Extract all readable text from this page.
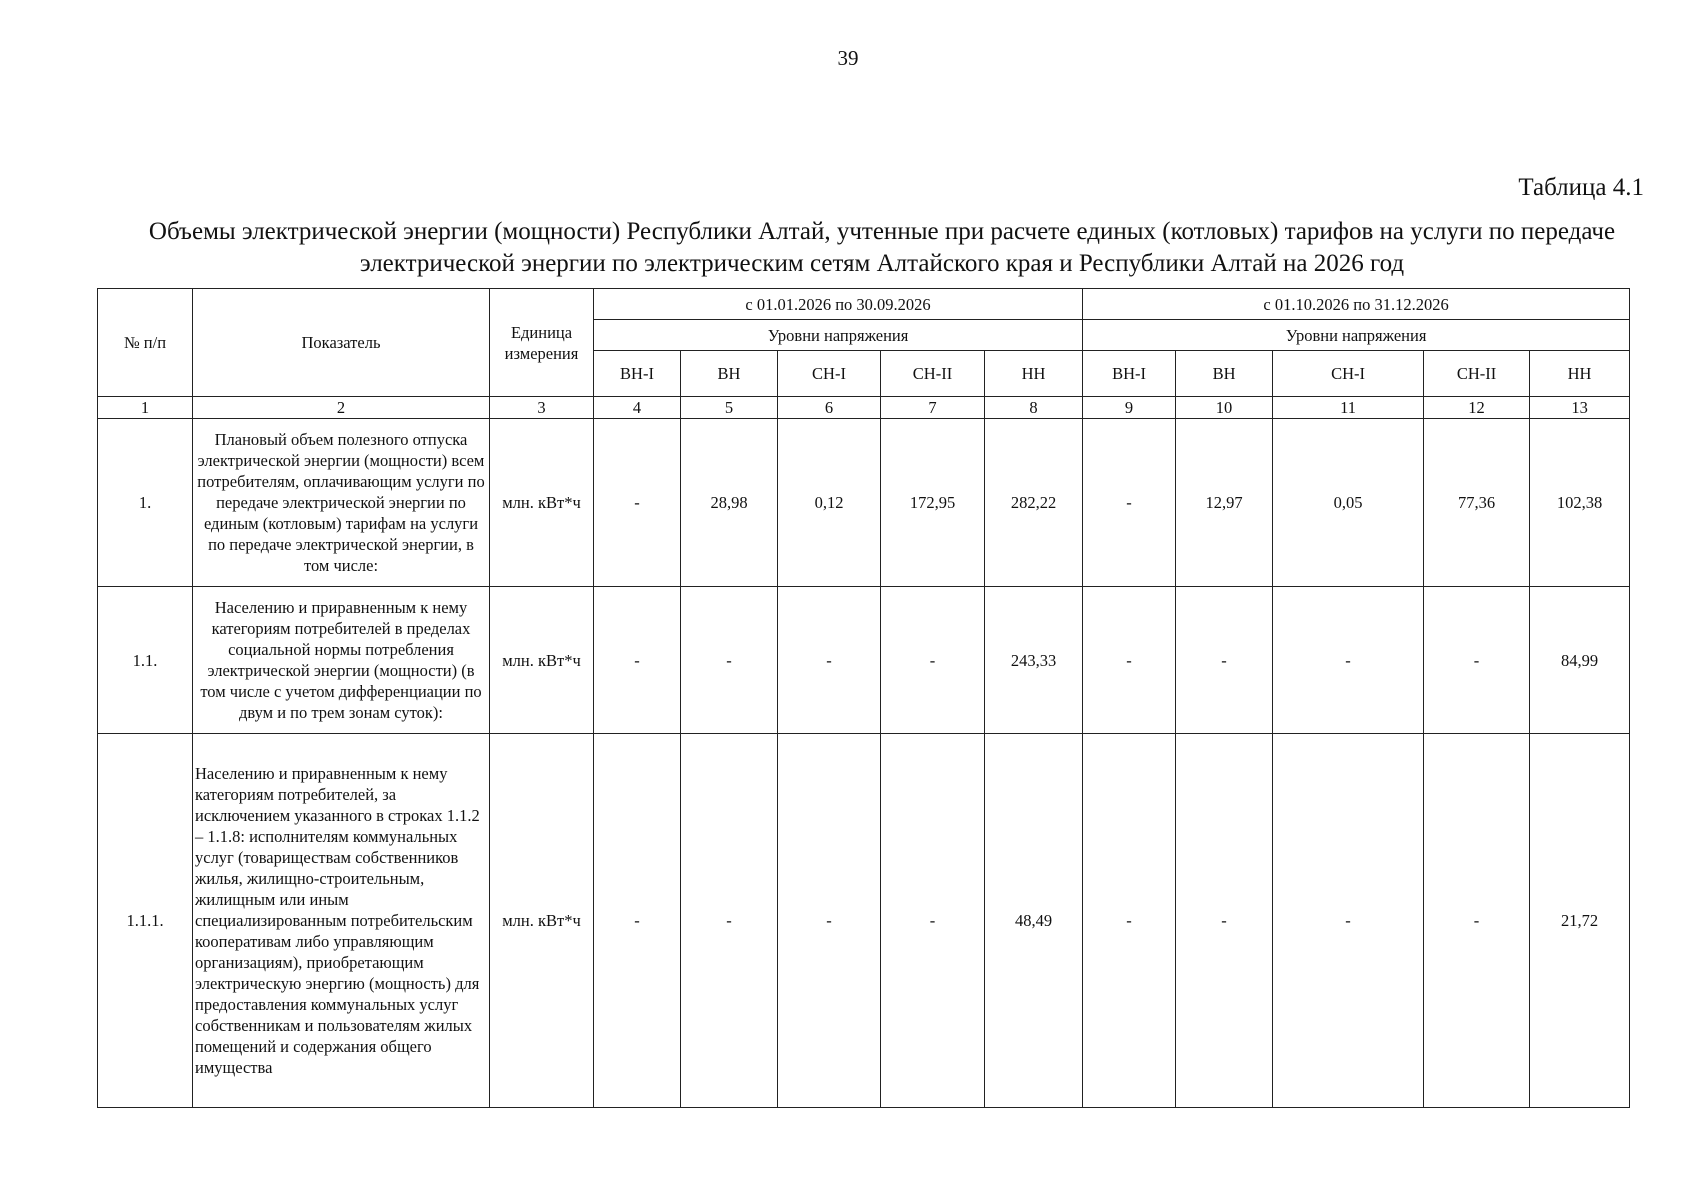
39
Таблица 4.1
Объемы электрической энергии (мощности) Республики Алтай, учтенные при расчете единых (котловых) тарифов на услуги по передаче электрической энергии по электрическим сетям Алтайского края и Республики Алтай на 2026 год
№ п/п	Показатель	Единица измерения	с 01.01.2026 по 30.09.2026					с 01.10.2026 по 31.12.2026				
			Уровни напряжения					Уровни напряжения				
			ВН-I	ВН	СН-I	СН-II	НН	ВН-I	ВН	СН-I	СН-II	НН
1	2	3	4	5	6	7	8	9	10	11	12	13
1.	Плановый объем полезного отпуска электрической энергии (мощности) всем потребителям, оплачивающим услуги по передаче электрической энергии по единым (котловым) тарифам на услуги по передаче электрической энергии, в том числе:	млн. кВт*ч	-	28,98	0,12	172,95	282,22	-	12,97	0,05	77,36	102,38
1.1.	Населению и приравненным к нему категориям потребителей в пределах социальной нормы потребления электрической энергии (мощности) (в том числе с учетом дифференциации по двум и по трем зонам суток):	млн. кВт*ч	-	-	-	-	243,33	-	-	-	-	84,99
1.1.1.	Населению и приравненным к нему категориям потребителей, за исключением указанного в строках 1.1.2 – 1.1.8: исполнителям коммунальных услуг (товариществам собственников жилья, жилищно-строительным, жилищным или иным специализированным потребительским кооперативам либо управляющим организациям), приобретающим электрическую энергию (мощность) для предоставления коммунальных услуг собственникам и пользователям жилых помещений и содержания общего имущества	млн. кВт*ч	-	-	-	-	48,49	-	-	-	-	21,72
